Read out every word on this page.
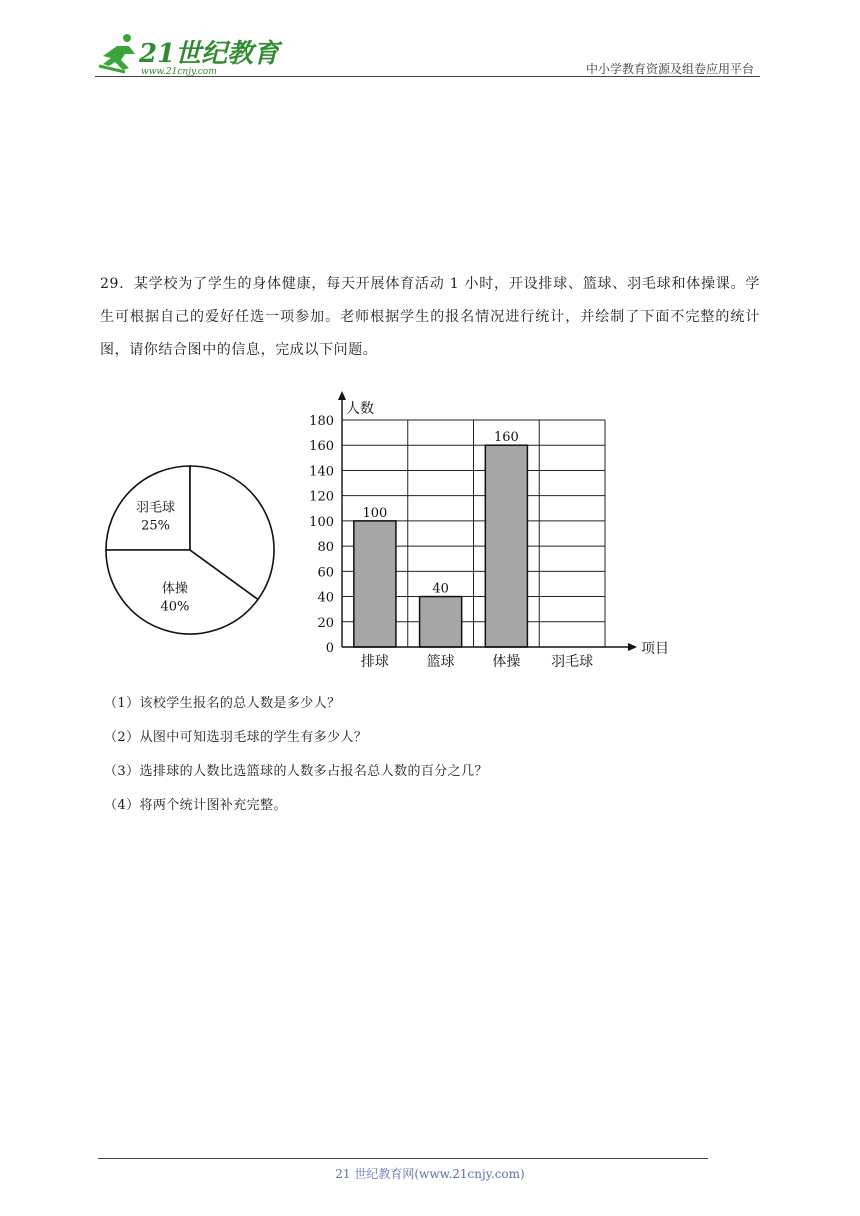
21世纪教育
www.21cnjy.com	中小学教育资源及组卷应用平台
29．某学校为了学生的身体健康，每天开展体育活动 1 小时，开设排球、篮球、羽毛球和体操课。学生可根据自己的爱好任选一项参加。老师根据学生的报名情况进行统计，并绘制了下面不完整的统计图，请你结合图中的信息，完成以下问题。
羽毛球
25%
体操
40%
0
20
40
60
80
100
120
140
160
180
100
排球
40
篮球
160
体操 羽毛球
人数
项目
（1）该校学生报名的总人数是多少人？
（2）从图中可知选羽毛球的学生有多少人？
（3）选排球的人数比选篮球的人数多占报名总人数的百分之几？
（4）将两个统计图补充完整。
21 世纪教育网(www.21cnjy.com)
